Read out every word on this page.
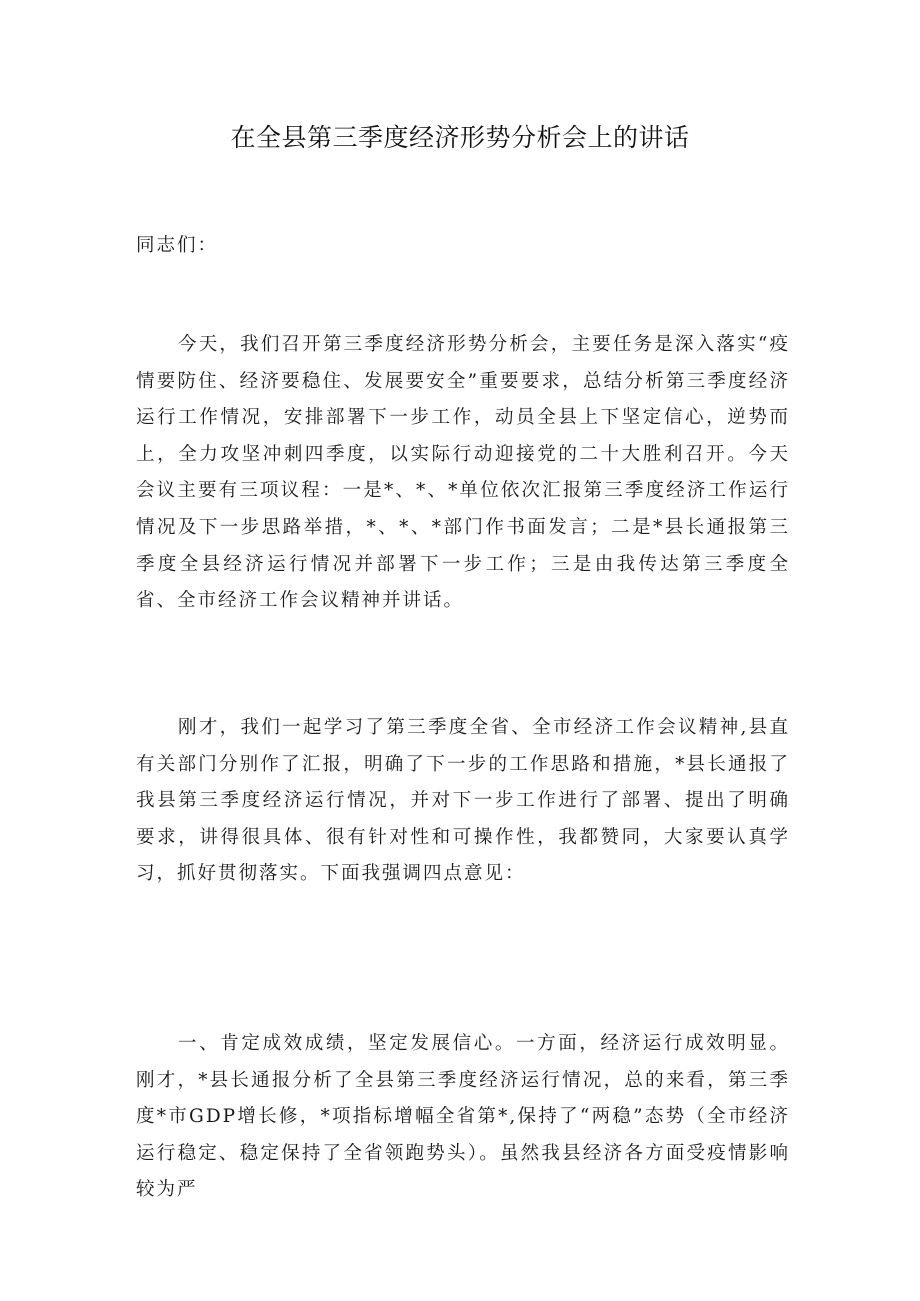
在全县第三季度经济形势分析会上的讲话

同志们：

今天，我们召开第三季度经济形势分析会，主要任务是深入落实“疫情要防住、经济要稳住、发展要安全”重要要求，总结分析第三季度经济运行工作情况，安排部署下一步工作，动员全县上下坚定信心，逆势而上，全力攻坚冲刺四季度，以实际行动迎接党的二十大胜利召开。今天会议主要有三项议程：一是*、*、*单位依次汇报第三季度经济工作运行情况及下一步思路举措，*、*、*部门作书面发言；二是*县长通报第三季度全县经济运行情况并部署下一步工作；三是由我传达第三季度全省、全市经济工作会议精神并讲话。

刚才，我们一起学习了第三季度全省、全市经济工作会议精神,县直有关部门分别作了汇报，明确了下一步的工作思路和措施，*县长通报了我县第三季度经济运行情况，并对下一步工作进行了部署、提出了明确要求，讲得很具体、很有针对性和可操作性，我都赞同，大家要认真学习，抓好贯彻落实。下面我强调四点意见：

一、肯定成效成绩，坚定发展信心。一方面，经济运行成效明显。刚才，*县长通报分析了全县第三季度经济运行情况，总的来看，第三季度*市GDP增长修，*项指标增幅全省第*,保持了“两稳”态势（全市经济运行稳定、稳定保持了全省领跑势头）。虽然我县经济各方面受疫情影响较为严
